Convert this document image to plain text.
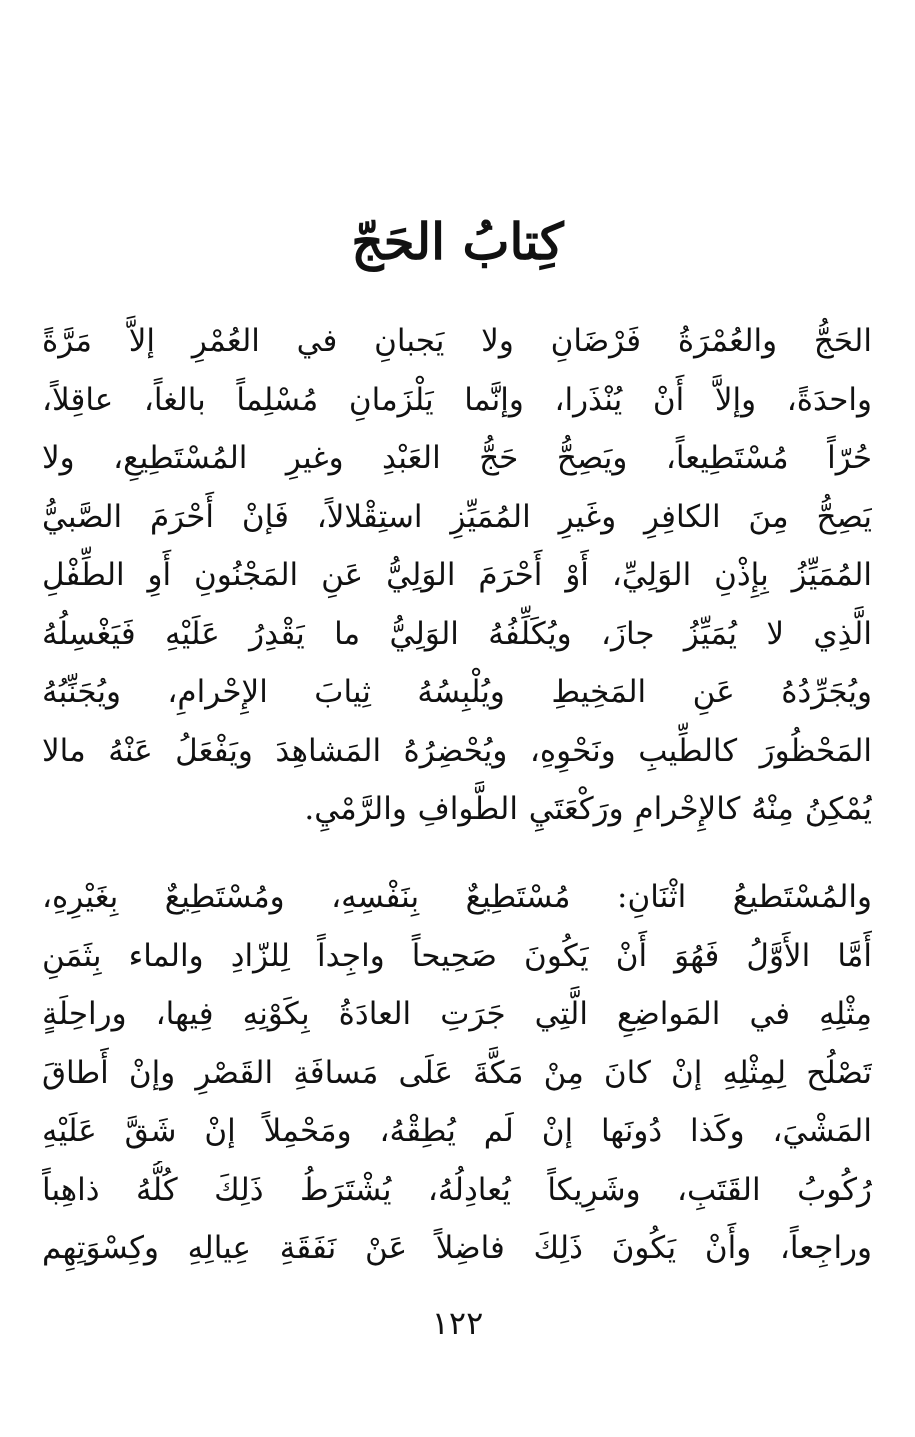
كِتابُ الحَجّ
الحَجُّ والعُمْرَةُ فَرْضَانِ ولا يَجبانِ في العُمْرِ إلاَّ مَرَّةً
واحدَةً، وإلاَّ أَنْ يُنْذَرا، وإنَّما يَلْزَمانِ مُسْلِماً بالغاً، عاقِلاً،
حُرّاً مُسْتَطِيعاً، ويَصِحُّ حَجُّ العَبْدِ وغيرِ المُسْتَطِيعِ، ولا
يَصِحُّ مِنَ الكافِرِ وغَيرِ المُمَيِّزِ استِقْلالاً، فَإنْ أَحْرَمَ الصَّبيُّ
المُمَيِّزُ بِإِذْنِ الوَلِيِّ، أَوْ أَحْرَمَ الوَلِيُّ عَنِ المَجْنُونِ أَوِ الطِّفْلِ
الَّذِي لا يُمَيِّزُ جازَ، ويُكَلِّفُهُ الوَلِيُّ ما يَقْدِرُ عَلَيْهِ فَيَغْسِلُهُ
ويُجَرِّدُهُ عَنِ المَخِيطِ ويُلْبِسُهُ ثِيابَ الإِحْرامِ، ويُجَنِّبُهُ
المَحْظُورَ كالطِّيبِ ونَحْوِهِ، ويُحْضِرُهُ المَشاهِدَ ويَفْعَلُ عَنْهُ مالا
يُمْكِنُ مِنْهُ كالإِحْرامِ ورَكْعَتَيِ الطَّوافِ والرَّمْيِ.
والمُسْتَطيعُ اثْنَانِ: مُسْتَطِيعٌ بِنَفْسِهِ، ومُسْتَطِيعٌ بِغَيْرِهِ،
أَمَّا الأَوَّلُ فَهُوَ أَنْ يَكُونَ صَحِيحاً واجِداً لِلزّادِ والماء بِثَمَنِ
مِثْلِهِ في المَواضِعِ الَّتِي جَرَتِ العادَةُ بِكَوْنِهِ فِيها، وراحِلَةٍ
تَصْلُح لِمِثْلِهِ إنْ كانَ مِنْ مَكَّةَ عَلَى مَسافَةِ القَصْرِ وإنْ أَطاقَ
المَشْيَ، وكَذا دُونَها إنْ لَم يُطِقْهُ، ومَحْمِلاً إنْ شَقَّ عَلَيْهِ
رُكُوبُ القَتَبِ، وشَرِيكاً يُعادِلُهُ، يُشْتَرَطُ ذَلِكَ كُلُّهُ ذاهِباً
وراجِعاً، وأَنْ يَكُونَ ذَلِكَ فاضِلاً عَنْ نَفَقَةِ عِيالِهِ وكِسْوَتِهِم
١٢٢
